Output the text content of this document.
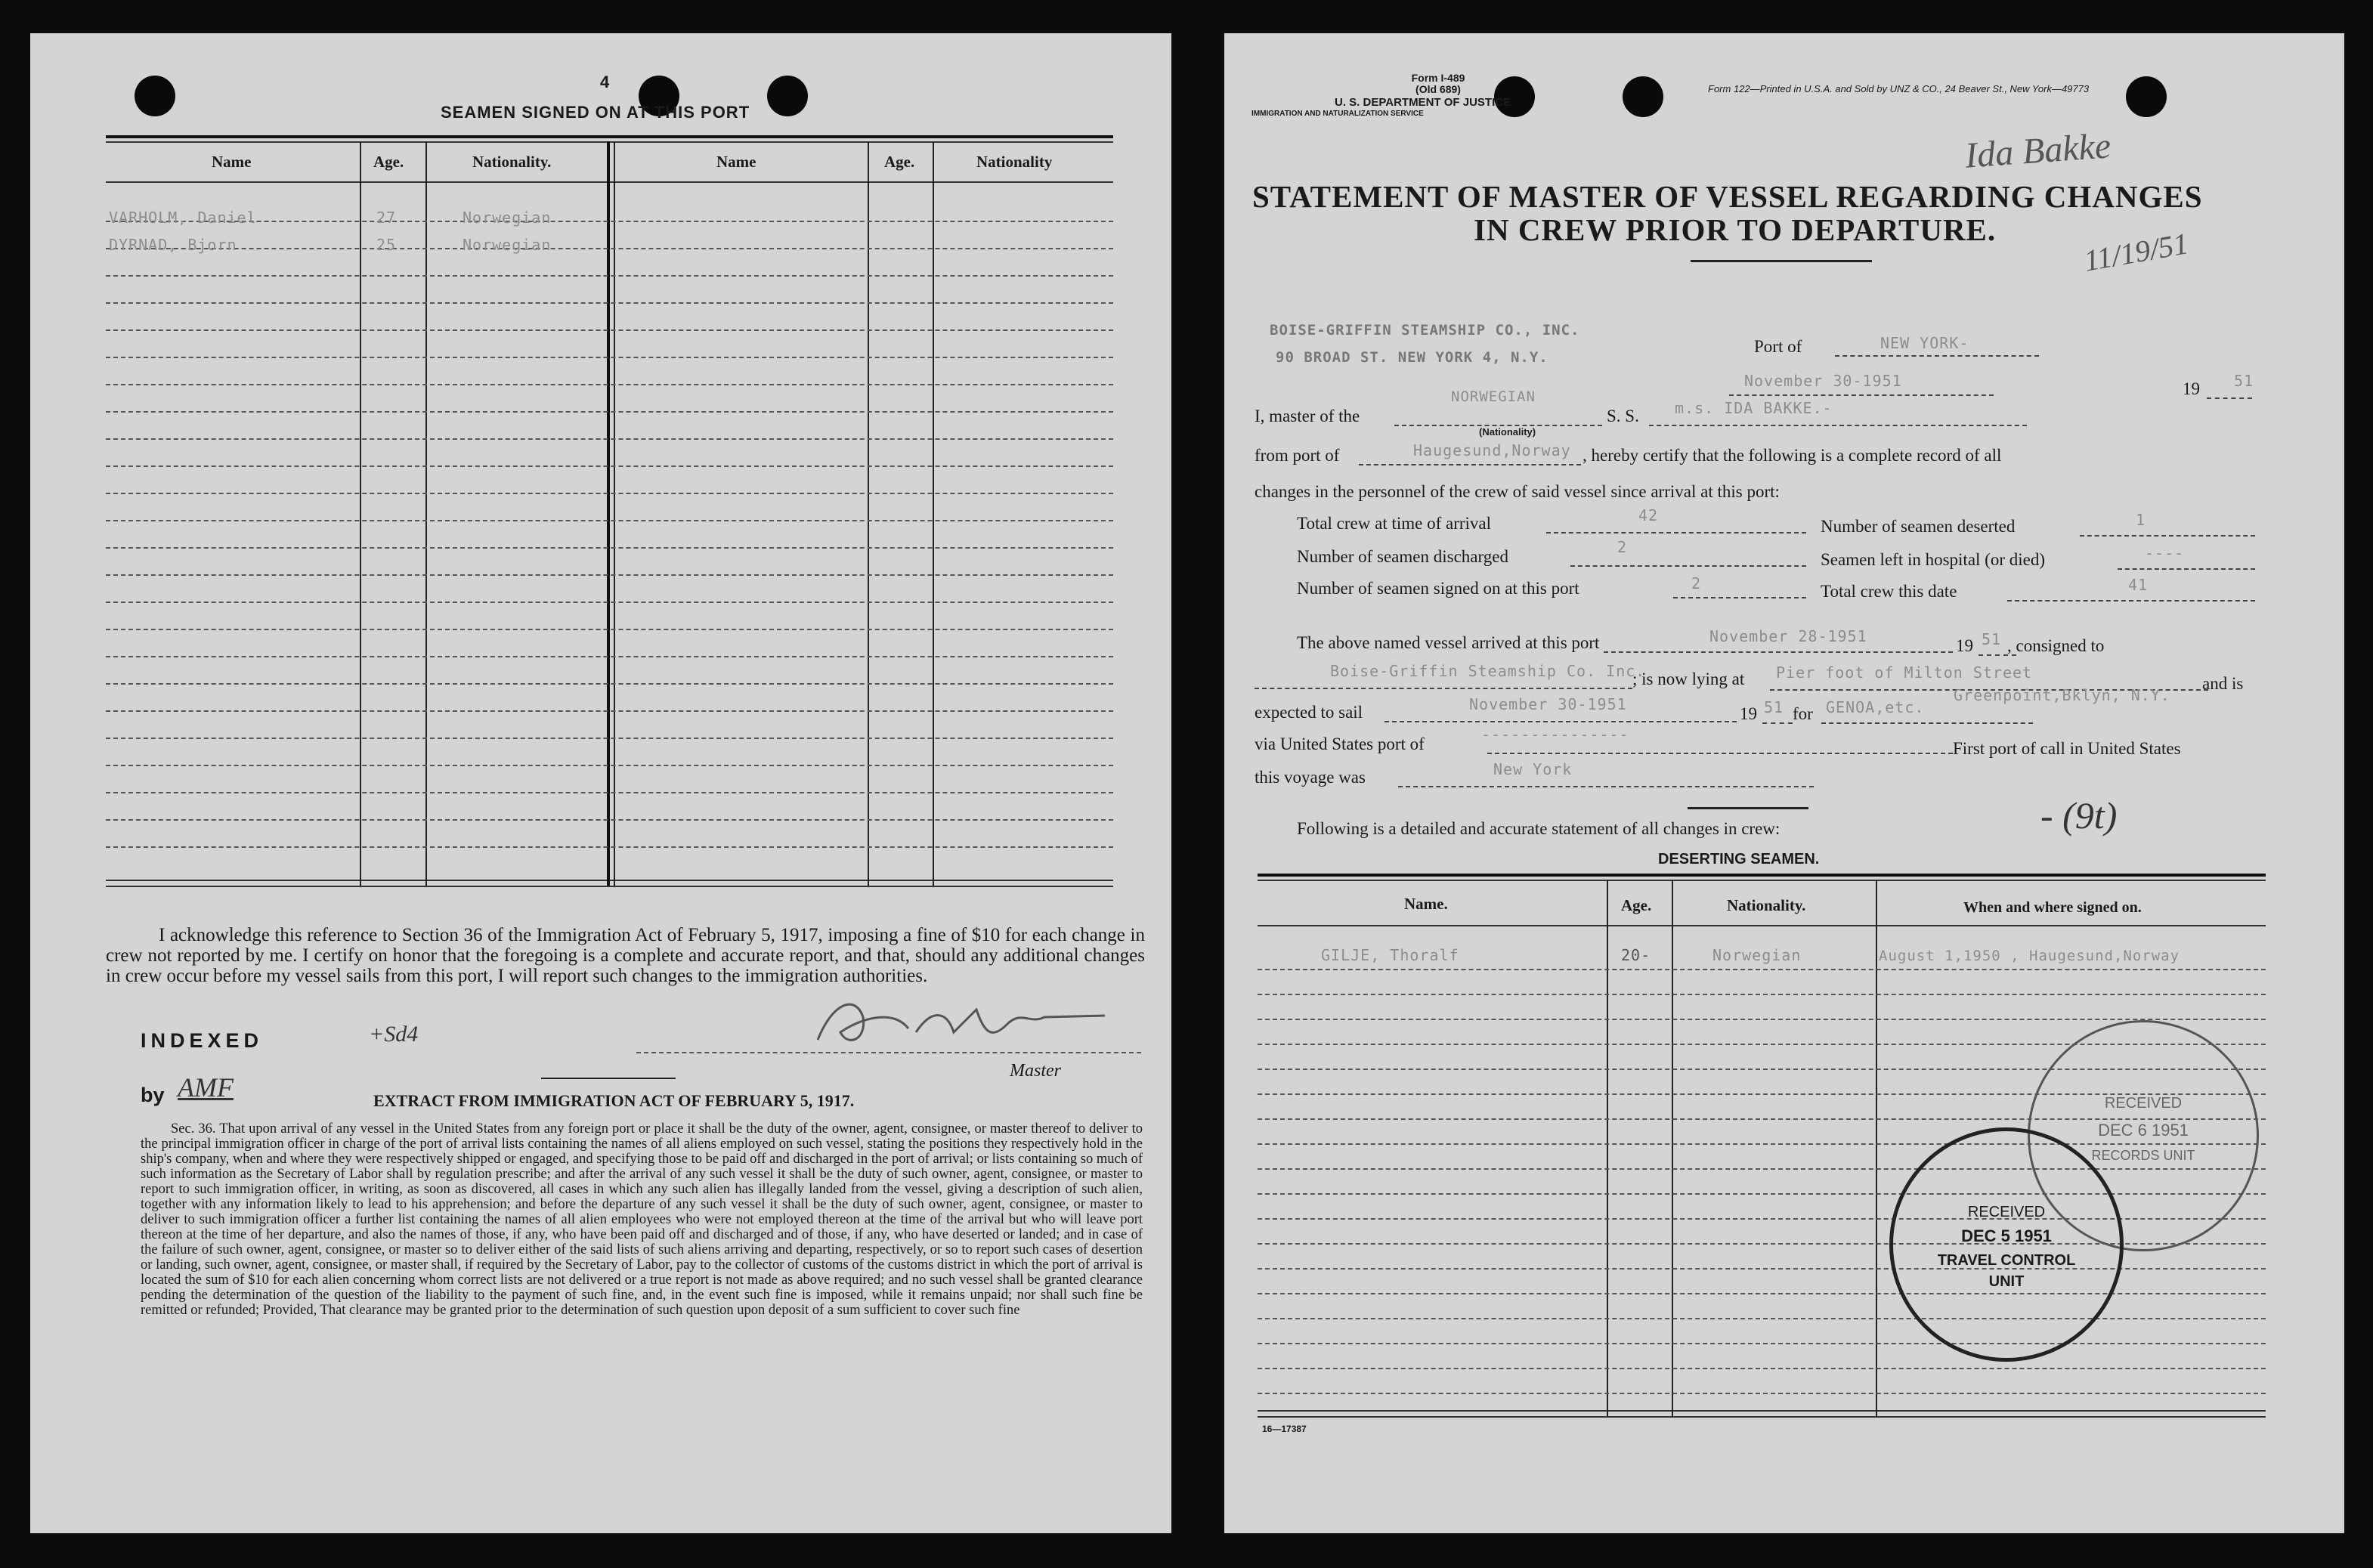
4
SEAMEN SIGNED ON AT THIS PORT
Name	Age.	Nationality.	Name	Age.	Nationality
VARHOLM, Daniel	27	Norwegian
DYRNAD, Bjorn	25	Norwegian
I acknowledge this reference to Section 36 of the Immigration Act of February 5, 1917, imposing a fine of $10 for each change in crew not reported by me. I certify on honor that the foregoing is a complete and accurate report, and that, should any additional changes in crew occur before my vessel sails from this port, I will report such changes to the immigration authorities.
INDEXED	+Sd4
Master
by AMF	EXTRACT FROM IMMIGRATION ACT OF FEBRUARY 5, 1917.
Sec. 36. That upon arrival of any vessel in the United States from any foreign port or place it shall be the duty of the owner, agent, consignee, or master thereof to deliver to the principal immigration officer in charge of the port of arrival lists containing the names of all aliens employed on such vessel, stating the positions they respectively hold in the ship's company, when and where they were respectively shipped or engaged, and specifying those to be paid off and discharged in the port of arrival; or lists containing so much of such information as the Secretary of Labor shall by regulation prescribe; and after the arrival of any such vessel it shall be the duty of such owner, agent, consignee, or master to report to such immigration officer, in writing, as soon as discovered, all cases in which any such alien has illegally landed from the vessel, giving a description of such alien, together with any information likely to lead to his apprehension; and before the departure of any such vessel it shall be the duty of such owner, agent, consignee, or master to deliver to such immigration officer a further list containing the names of all alien employees who were not employed thereon at the time of the arrival but who will leave port thereon at the time of her departure, and also the names of those, if any, who have been paid off and discharged and of those, if any, who have deserted or landed; and in case of the failure of such owner, agent, consignee, or master so to deliver either of the said lists of such aliens arriving and departing, respectively, or so to report such cases of desertion or landing, such owner, agent, consignee, or master shall, if required by the Secretary of Labor, pay to the collector of customs of the customs district in which the port of arrival is located the sum of $10 for each alien concerning whom correct lists are not delivered or a true report is not made as above required; and no such vessel shall be granted clearance pending the determination of the question of the liability to the payment of such fine, and, in the event such fine is imposed, while it remains unpaid; nor shall such fine be remitted or refunded; Provided, That clearance may be granted prior to the determination of such question upon deposit of a sum sufficient to cover such fine
Form I-489
(Old 689)
U. S. DEPARTMENT OF JUSTICE
IMMIGRATION AND NATURALIZATION SERVICE
Form 122—Printed in U.S.A. and Sold by UNZ & CO., 24 Beaver St., New York—49773
Ida Bakke
11/19/51
STATEMENT OF MASTER OF VESSEL REGARDING CHANGES
IN CREW PRIOR TO DEPARTURE.
BOISE-GRIFFIN STEAMSHIP CO., INC.
90 BROAD ST. NEW YORK 4, N.Y.
Port of	NEW YORK-
November 30-1951	19 51
I, master of the
NORWEGIAN
(Nationality)
S. S. m.s. IDA BAKKE.-
from port of	Haugesund,Norway , hereby certify that the following is a complete record of all
changes in the personnel of the crew of said vessel since arrival at this port:
Total crew at time of arrival	42
Number of seamen deserted	1
Number of seamen discharged	2
Seamen left in hospital (or died)	----
Number of seamen signed on at this port	2	Total crew this date	41
The above named vessel arrived at this port	November 28-1951	19 51 , consigned to
Boise-Griffin Steamship Co. Inc.
; is now lying at Pier foot of Milton Street
Greenpoint,Bklyn, N.Y.
and is
expected to sail	November 30-1951	19 51 for GENOA,etc.
via United States port of	---------------
First port of call in United States
this voyage was	New York
Following is a detailed and accurate statement of all changes in crew:	- (9t)
DESERTING SEAMEN.
Name.	Age.	Nationality.	When and where signed on.
GILJE, Thoralf	20-	Norwegian	August 1,1950 , Haugesund,Norway
RECEIVED
DEC 6 1951
RECORDS UNIT
RECEIVED
DEC 5 1951
TRAVEL CONTROL
UNIT
16—17387
